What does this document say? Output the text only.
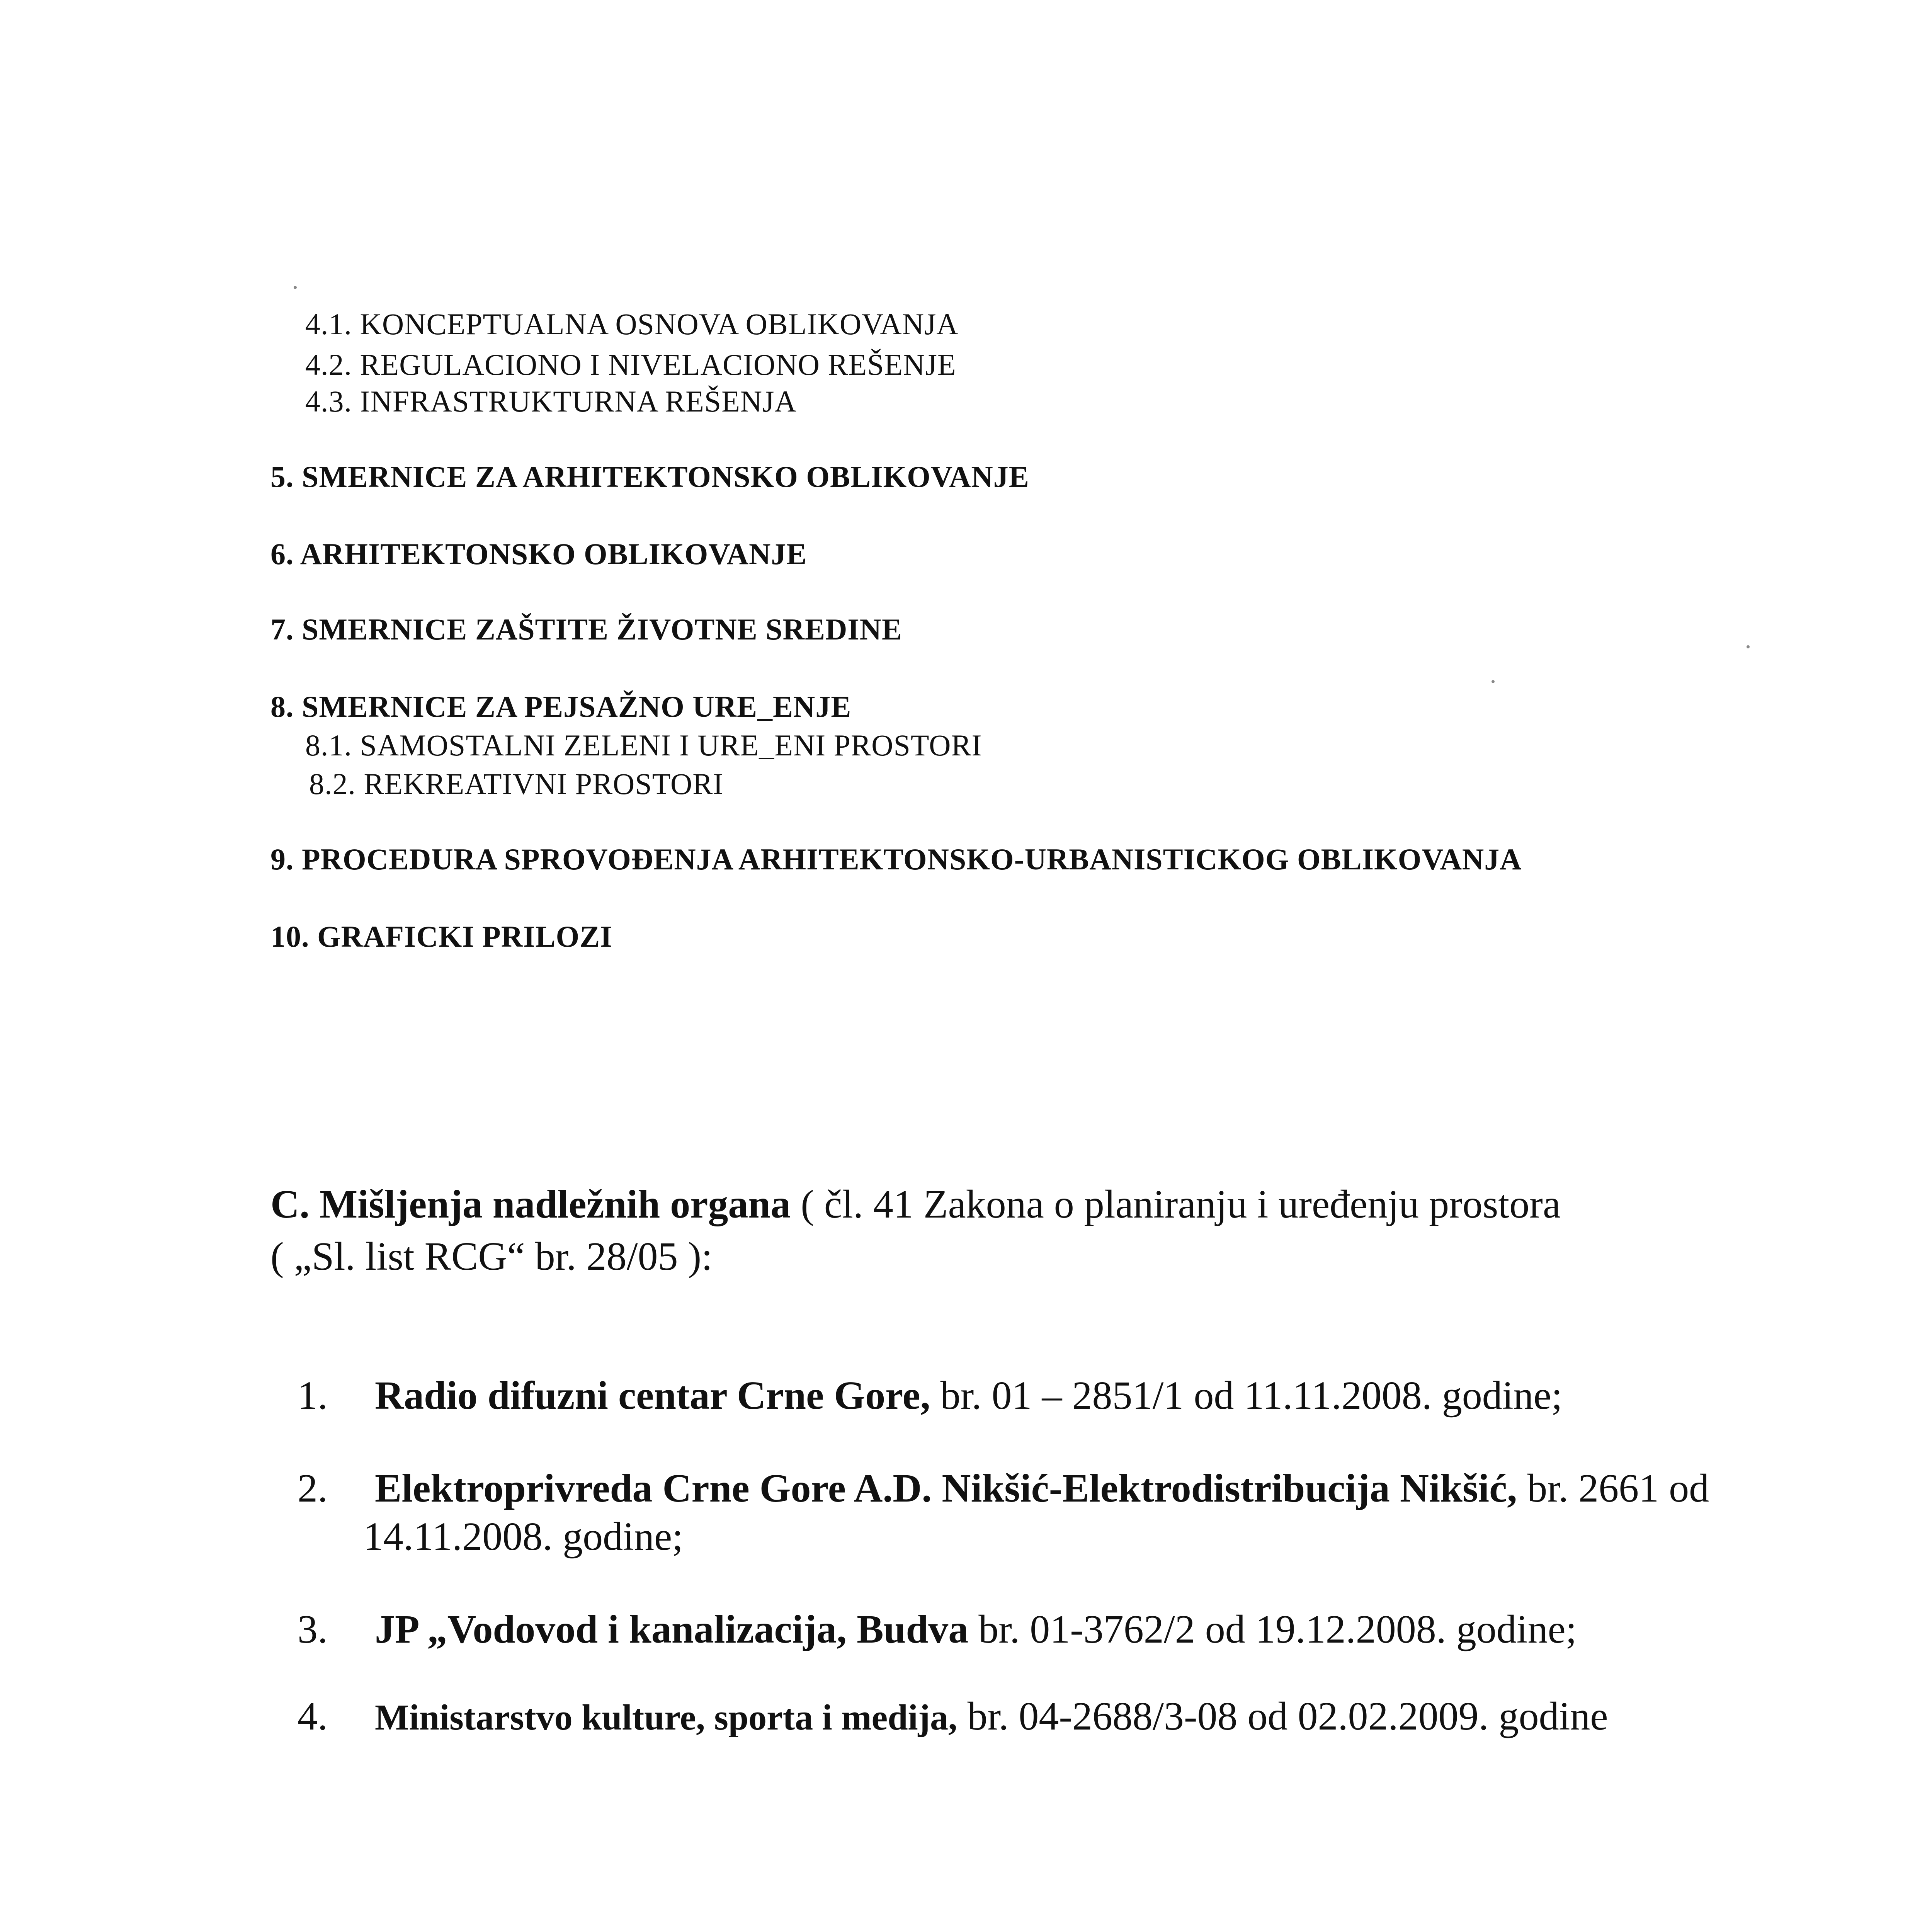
4.1. KONCEPTUALNA OSNOVA OBLIKOVANJA
4.2. REGULACIONO I NIVELACIONO REŠENJE
4.3. INFRASTRUKTURNA REŠENJA
5. SMERNICE ZA ARHITEKTONSKO OBLIKOVANJE
6. ARHITEKTONSKO OBLIKOVANJE
7. SMERNICE ZAŠTITE ŽIVOTNE SREDINE
8. SMERNICE ZA PEJSAŽNO URE_ENJE
8.1. SAMOSTALNI ZELENI I URE_ENI PROSTORI
8.2. REKREATIVNI PROSTORI
9. PROCEDURA SPROVOĐENJA ARHITEKTONSKO-URBANISTICKOG OBLIKOVANJA
10. GRAFICKI PRILOZI
C. Mišljenja nadležnih organa ( čl. 41 Zakona o planiranju i uređenju prostora
( „Sl. list RCG“ br. 28/05 ):
1. Radio difuzni centar Crne Gore, br. 01 – 2851/1 od 11.11.2008. godine;
2. Elektroprivreda Crne Gore A.D. Nikšić-Elektrodistribucija Nikšić, br. 2661 od
14.11.2008. godine;
3. JP „Vodovod i kanalizacija, Budva br. 01-3762/2 od 19.12.2008. godine;
4. Ministarstvo kulture, sporta i medija, br. 04-2688/3-08 od 02.02.2009. godine
